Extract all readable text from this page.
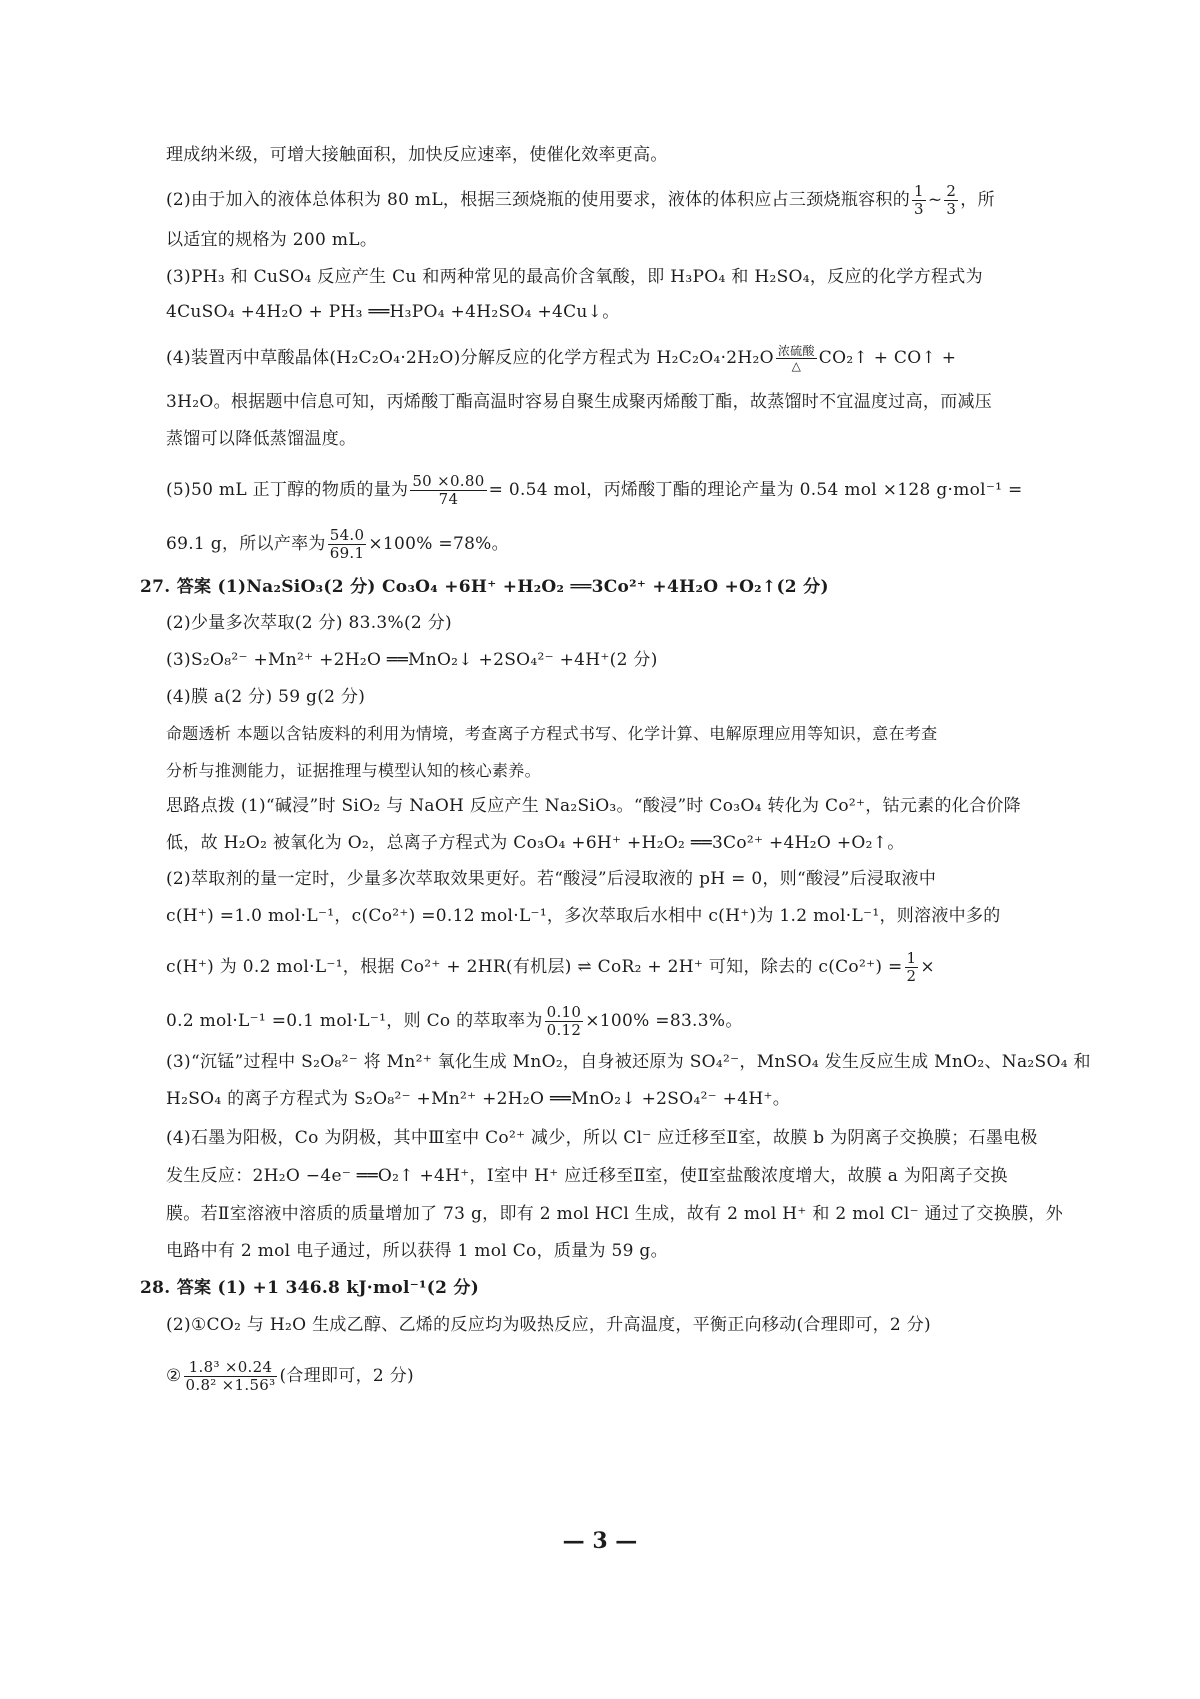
理成纳米级，可增大接触面积，加快反应速率，使催化效率更高。
(2)由于加入的液体总体积为 80 mL，根据三颈烧瓶的使用要求，液体的体积应占三颈烧瓶容积的 $\frac{1}{3}$ ~ $\frac{2}{3}$ ，所
以适宜的规格为 200 mL。
(3)PH₃ 和 CuSO₄ 反应产生 Cu 和两种常见的最高价含氧酸，即 H₃PO₄ 和 H₂SO₄，反应的化学方程式为
4CuSO₄ +4H₂O + PH₃ ══H₃PO₄ +4H₂SO₄ +4Cu↓。
(4)装置丙中草酸晶体(H₂C₂O₄·2H₂O)分解反应的化学方程式为 H₂C₂O₄·2H₂O 浓硫酸
△	CO₂↑ + CO↑ +
3H₂O。根据题中信息可知，丙烯酸丁酯高温时容易自聚生成聚丙烯酸丁酯，故蒸馏时不宜温度过高，而减压
蒸馏可以降低蒸馏温度。
(5)50 mL 正丁醇的物质的量为 $\frac{50 \times 0.80}{74} = 0.54$ mol，丙烯酸丁酯的理论产量为 0.54 mol ×128 g·mol⁻¹ =
69.1 g，所以产率为 $\frac{54.0}{69.1} \times 100\% =78\%$。
27. 答案 (1)Na₂SiO₃(2 分) Co₃O₄ +6H⁺ +H₂O₂ ══3Co²⁺ +4H₂O +O₂↑(2 分)
(2)少量多次萃取(2 分) 83.3%(2 分)
(3)S₂O₈²⁻ +Mn²⁺ +2H₂O ══MnO₂↓ +2SO₄²⁻ +4H⁺(2 分)
(4)膜 a(2 分) 59 g(2 分)
命题透析 本题以含钴废料的利用为情境，考查离子方程式书写、化学计算、电解原理应用等知识，意在考查
分析与推测能力，证据推理与模型认知的核心素养。
思路点拨 (1)“碱浸”时 SiO₂ 与 NaOH 反应产生 Na₂SiO₃。“酸浸”时 Co₃O₄ 转化为 Co²⁺，钴元素的化合价降
低，故 H₂O₂ 被氧化为 O₂，总离子方程式为 Co₃O₄ +6H⁺ +H₂O₂ ══3Co²⁺ +4H₂O +O₂↑。
(2)萃取剂的量一定时，少量多次萃取效果更好。若“酸浸”后浸取液的 pH = 0，则“酸浸”后浸取液中
c(H⁺) =1.0 mol·L⁻¹，c(Co²⁺) =0.12 mol·L⁻¹，多次萃取后水相中 c(H⁺)为 1.2 mol·L⁻¹，则溶液中多的
c(H⁺) 为 0.2 mol·L⁻¹，根据 Co²⁺ + 2HR(有机层) ⇌ CoR₂ + 2H⁺ 可知，除去的 $c(Co^{2+}) = \frac{1}{2}$ ×
0.2 mol·L⁻¹ =0.1 mol·L⁻¹，则 Co 的萃取率为 $\frac{0.10}{0.12} \times 100\% =83.3\%$。
(3)“沉锰”过程中 S₂O₈²⁻ 将 Mn²⁺ 氧化生成 MnO₂，自身被还原为 SO₄²⁻，MnSO₄ 发生反应生成 MnO₂、Na₂SO₄ 和
H₂SO₄ 的离子方程式为 S₂O₈²⁻ +Mn²⁺ +2H₂O ══MnO₂↓ +2SO₄²⁻ +4H⁺。
(4)石墨为阳极，Co 为阴极，其中Ⅲ室中 Co²⁺ 减少，所以 Cl⁻ 应迁移至Ⅱ室，故膜 b 为阴离子交换膜；石墨电极
发生反应：2H₂O −4e⁻ ══O₂↑ +4H⁺，Ⅰ室中 H⁺ 应迁移至Ⅱ室，使Ⅱ室盐酸浓度增大，故膜 a 为阳离子交换
膜。若Ⅱ室溶液中溶质的质量增加了 73 g，即有 2 mol HCl 生成，故有 2 mol H⁺ 和 2 mol Cl⁻ 通过了交换膜，外
电路中有 2 mol 电子通过，所以获得 1 mol Co，质量为 59 g。
28. 答案 (1) +1 346.8 kJ·mol⁻¹(2 分)
(2)①CO₂ 与 H₂O 生成乙醇、乙烯的反应均为吸热反应，升高温度，平衡正向移动(合理即可，2 分)
② $\frac{\text{1.8³ ×0.24}}{\text{0.8² ×1.56³}}$ (合理即可，2 分)
— 3 —
